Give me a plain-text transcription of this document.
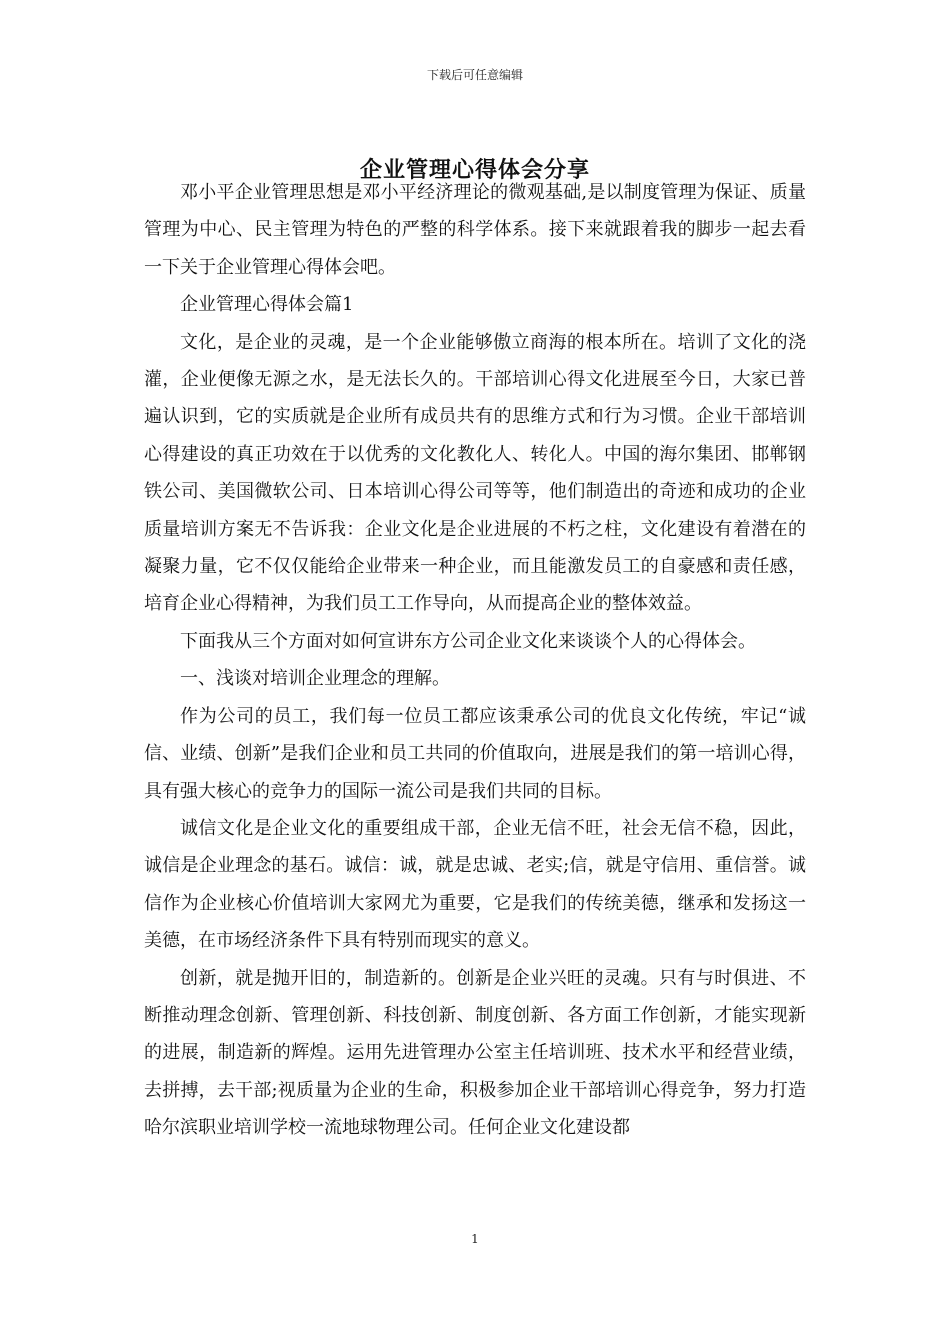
下载后可任意编辑
企业管理心得体会分享

邓小平企业管理思想是邓小平经济理论的微观基础,是以制度管理为保证、质量管理为中心、民主管理为特色的严整的科学体系。接下来就跟着我的脚步一起去看一下关于企业管理心得体会吧。

企业管理心得体会篇1

文化，是企业的灵魂，是一个企业能够傲立商海的根本所在。培训了文化的浇灌，企业便像无源之水，是无法长久的。干部培训心得文化进展至今日，大家已普遍认识到，它的实质就是企业所有成员共有的思维方式和行为习惯。企业干部培训心得建设的真正功效在于以优秀的文化教化人、转化人。中国的海尔集团、邯郸钢铁公司、美国微软公司、日本培训心得公司等等，他们制造出的奇迹和成功的企业质量培训方案无不告诉我：企业文化是企业进展的不朽之柱，文化建设有着潜在的凝聚力量，它不仅仅能给企业带来一种企业，而且能激发员工的自豪感和责任感，培育企业心得精神，为我们员工工作导向，从而提高企业的整体效益。

下面我从三个方面对如何宣讲东方公司企业文化来谈谈个人的心得体会。

一、浅谈对培训企业理念的理解。

作为公司的员工，我们每一位员工都应该秉承公司的优良文化传统，牢记“诚信、业绩、创新”是我们企业和员工共同的价值取向，进展是我们的第一培训心得，具有强大核心的竞争力的国际一流公司是我们共同的目标。

诚信文化是企业文化的重要组成干部，企业无信不旺，社会无信不稳，因此，诚信是企业理念的基石。诚信：诚，就是忠诚、老实;信，就是守信用、重信誉。诚信作为企业核心价值培训大家网尤为重要，它是我们的传统美德，继承和发扬这一美德，在市场经济条件下具有特别而现实的意义。

创新，就是抛开旧的，制造新的。创新是企业兴旺的灵魂。只有与时俱进、不断推动理念创新、管理创新、科技创新、制度创新、各方面工作创新，才能实现新的进展，制造新的辉煌。运用先进管理办公室主任培训班、技术水平和经营业绩，去拼搏，去干部;视质量为企业的生命，积极参加企业干部培训心得竞争，努力打造哈尔滨职业培训学校一流地球物理公司。任何企业文化建设都

1
